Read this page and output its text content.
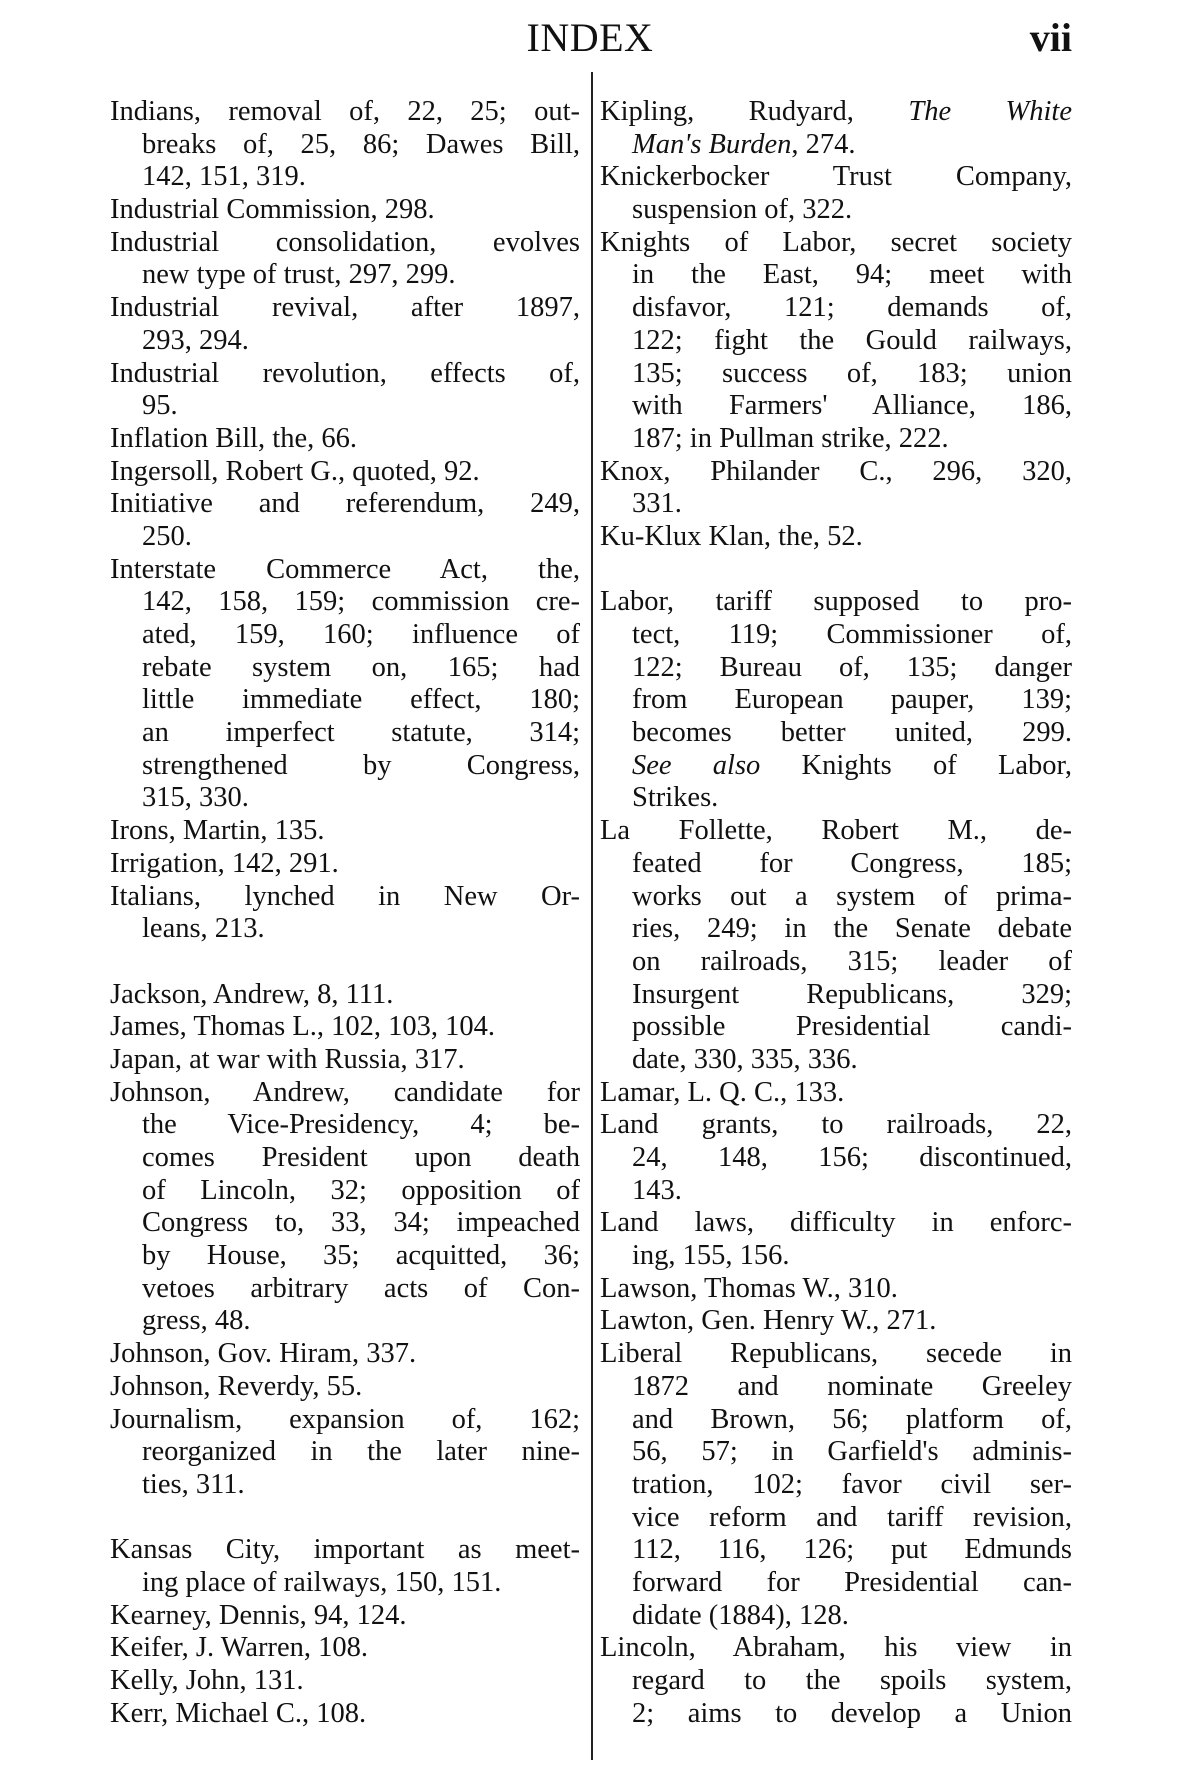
INDEX	vii
Indians, removal of, 22, 25; out-
breaks of, 25, 86; Dawes Bill,
142, 151, 319.
Industrial Commission, 298.
Industrial consolidation, evolves
new type of trust, 297, 299.
Industrial revival, after 1897,
293, 294.
Industrial revolution, effects of,
95.
Inflation Bill, the, 66.
Ingersoll, Robert G., quoted, 92.
Initiative and referendum, 249,
250.
Interstate Commerce Act, the,
142, 158, 159; commission cre-
ated, 159, 160; influence of
rebate system on, 165; had
little immediate effect, 180;
an imperfect statute, 314;
strengthened by Congress,
315, 330.
Irons, Martin, 135.
Irrigation, 142, 291.
Italians, lynched in New Or-
leans, 213.
Jackson, Andrew, 8, 111.
James, Thomas L., 102, 103, 104.
Japan, at war with Russia, 317.
Johnson, Andrew, candidate for
the Vice-Presidency, 4; be-
comes President upon death
of Lincoln, 32; opposition of
Congress to, 33, 34; impeached
by House, 35; acquitted, 36;
vetoes arbitrary acts of Con-
gress, 48.
Johnson, Gov. Hiram, 337.
Johnson, Reverdy, 55.
Journalism, expansion of, 162;
reorganized in the later nine-
ties, 311.
Kansas City, important as meet-
ing place of railways, 150, 151.
Kearney, Dennis, 94, 124.
Keifer, J. Warren, 108.
Kelly, John, 131.
Kerr, Michael C., 108.
Kipling, Rudyard, The White
Man's Burden, 274.
Knickerbocker Trust Company,
suspension of, 322.
Knights of Labor, secret society
in the East, 94; meet with
disfavor, 121; demands of,
122; fight the Gould railways,
135; success of, 183; union
with Farmers' Alliance, 186,
187; in Pullman strike, 222.
Knox, Philander C., 296, 320,
331.
Ku-Klux Klan, the, 52.
Labor, tariff supposed to pro-
tect, 119; Commissioner of,
122; Bureau of, 135; danger
from European pauper, 139;
becomes better united, 299.
See also Knights of Labor,
Strikes.
La Follette, Robert M., de-
feated for Congress, 185;
works out a system of prima-
ries, 249; in the Senate debate
on railroads, 315; leader of
Insurgent Republicans, 329;
possible Presidential candi-
date, 330, 335, 336.
Lamar, L. Q. C., 133.
Land grants, to railroads, 22,
24, 148, 156; discontinued,
143.
Land laws, difficulty in enforc-
ing, 155, 156.
Lawson, Thomas W., 310.
Lawton, Gen. Henry W., 271.
Liberal Republicans, secede in
1872 and nominate Greeley
and Brown, 56; platform of,
56, 57; in Garfield's adminis-
tration, 102; favor civil ser-
vice reform and tariff revision,
112, 116, 126; put Edmunds
forward for Presidential can-
didate (1884), 128.
Lincoln, Abraham, his view in
regard to the spoils system,
2; aims to develop a Union
